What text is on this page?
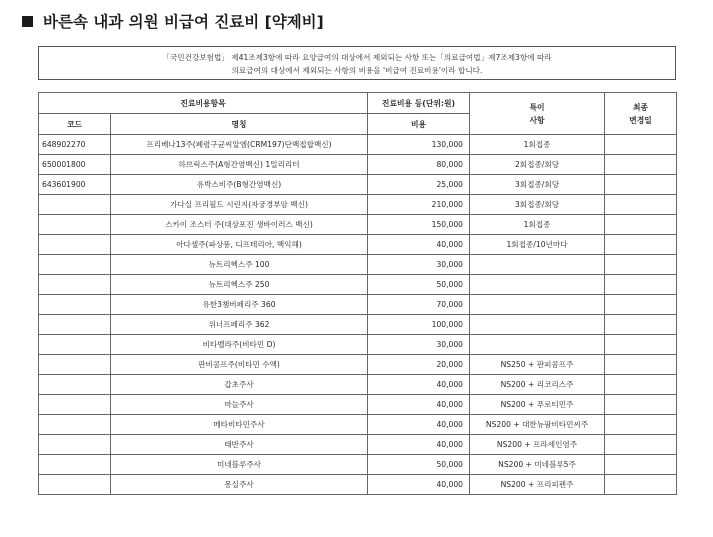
바른속 내과 의원 비급여 진료비 [약제비]
「국민건강보험법」 제41조제3항에 따라 요양급여의 대상에서 제외되는 사항 또는「의료급여법」제7조제3항에 따라
의료급여의 대상에서 제외되는 사항의 비용을 '비급여 진료비용'이라 합니다.
진료비용항목		진료비용 등(단위:원)	특이
사항	최종
변경일
코드	명칭	비용		
648902270	프리베나13주(폐렴구균씨알엠(CRM197)단백접합백신)	130,000	1회접종	
650001800	하브릭스주(A형간염백신) 1밀리리터	80,000	2회접종/회당	
643601900	유박스비주(B형간염백신)	25,000	3회접종/회당	
	가다실 프리필드 시린지(자궁경부암 백신)	210,000	3회접종/회당	
	스카이 조스터 주(대상포진 생바이러스 백신)	150,000	1회접종	
	아다셀주(파상풍, 디프테리아, 백익해)	40,000	1회접종/10년마다	
	뉴트리헥스주 100	30,000		
	뉴트리헥스주 250	50,000		
	유한3챔버페리주 360	70,000		
	위너프페리주 362	100,000		
	비타벨라주(비타민 D)	30,000		
	판비콤프주(비타민 수액)	20,000	NS250 + 판피콤프주	
	갑초주사	40,000	NS200 + 리코리스주	
	마늘주사	40,000	NS200 + 푸로티민주	
	메타비타민주사	40,000	NS200 + 대한뉴팜비타민씨주	
	태반주사	40,000	NS200 + 프라세인염주	
	미네블루주사	50,000	NS200 + 미네블루5주	
	몽실주사	40,000	NS200 + 프리피펜주	
